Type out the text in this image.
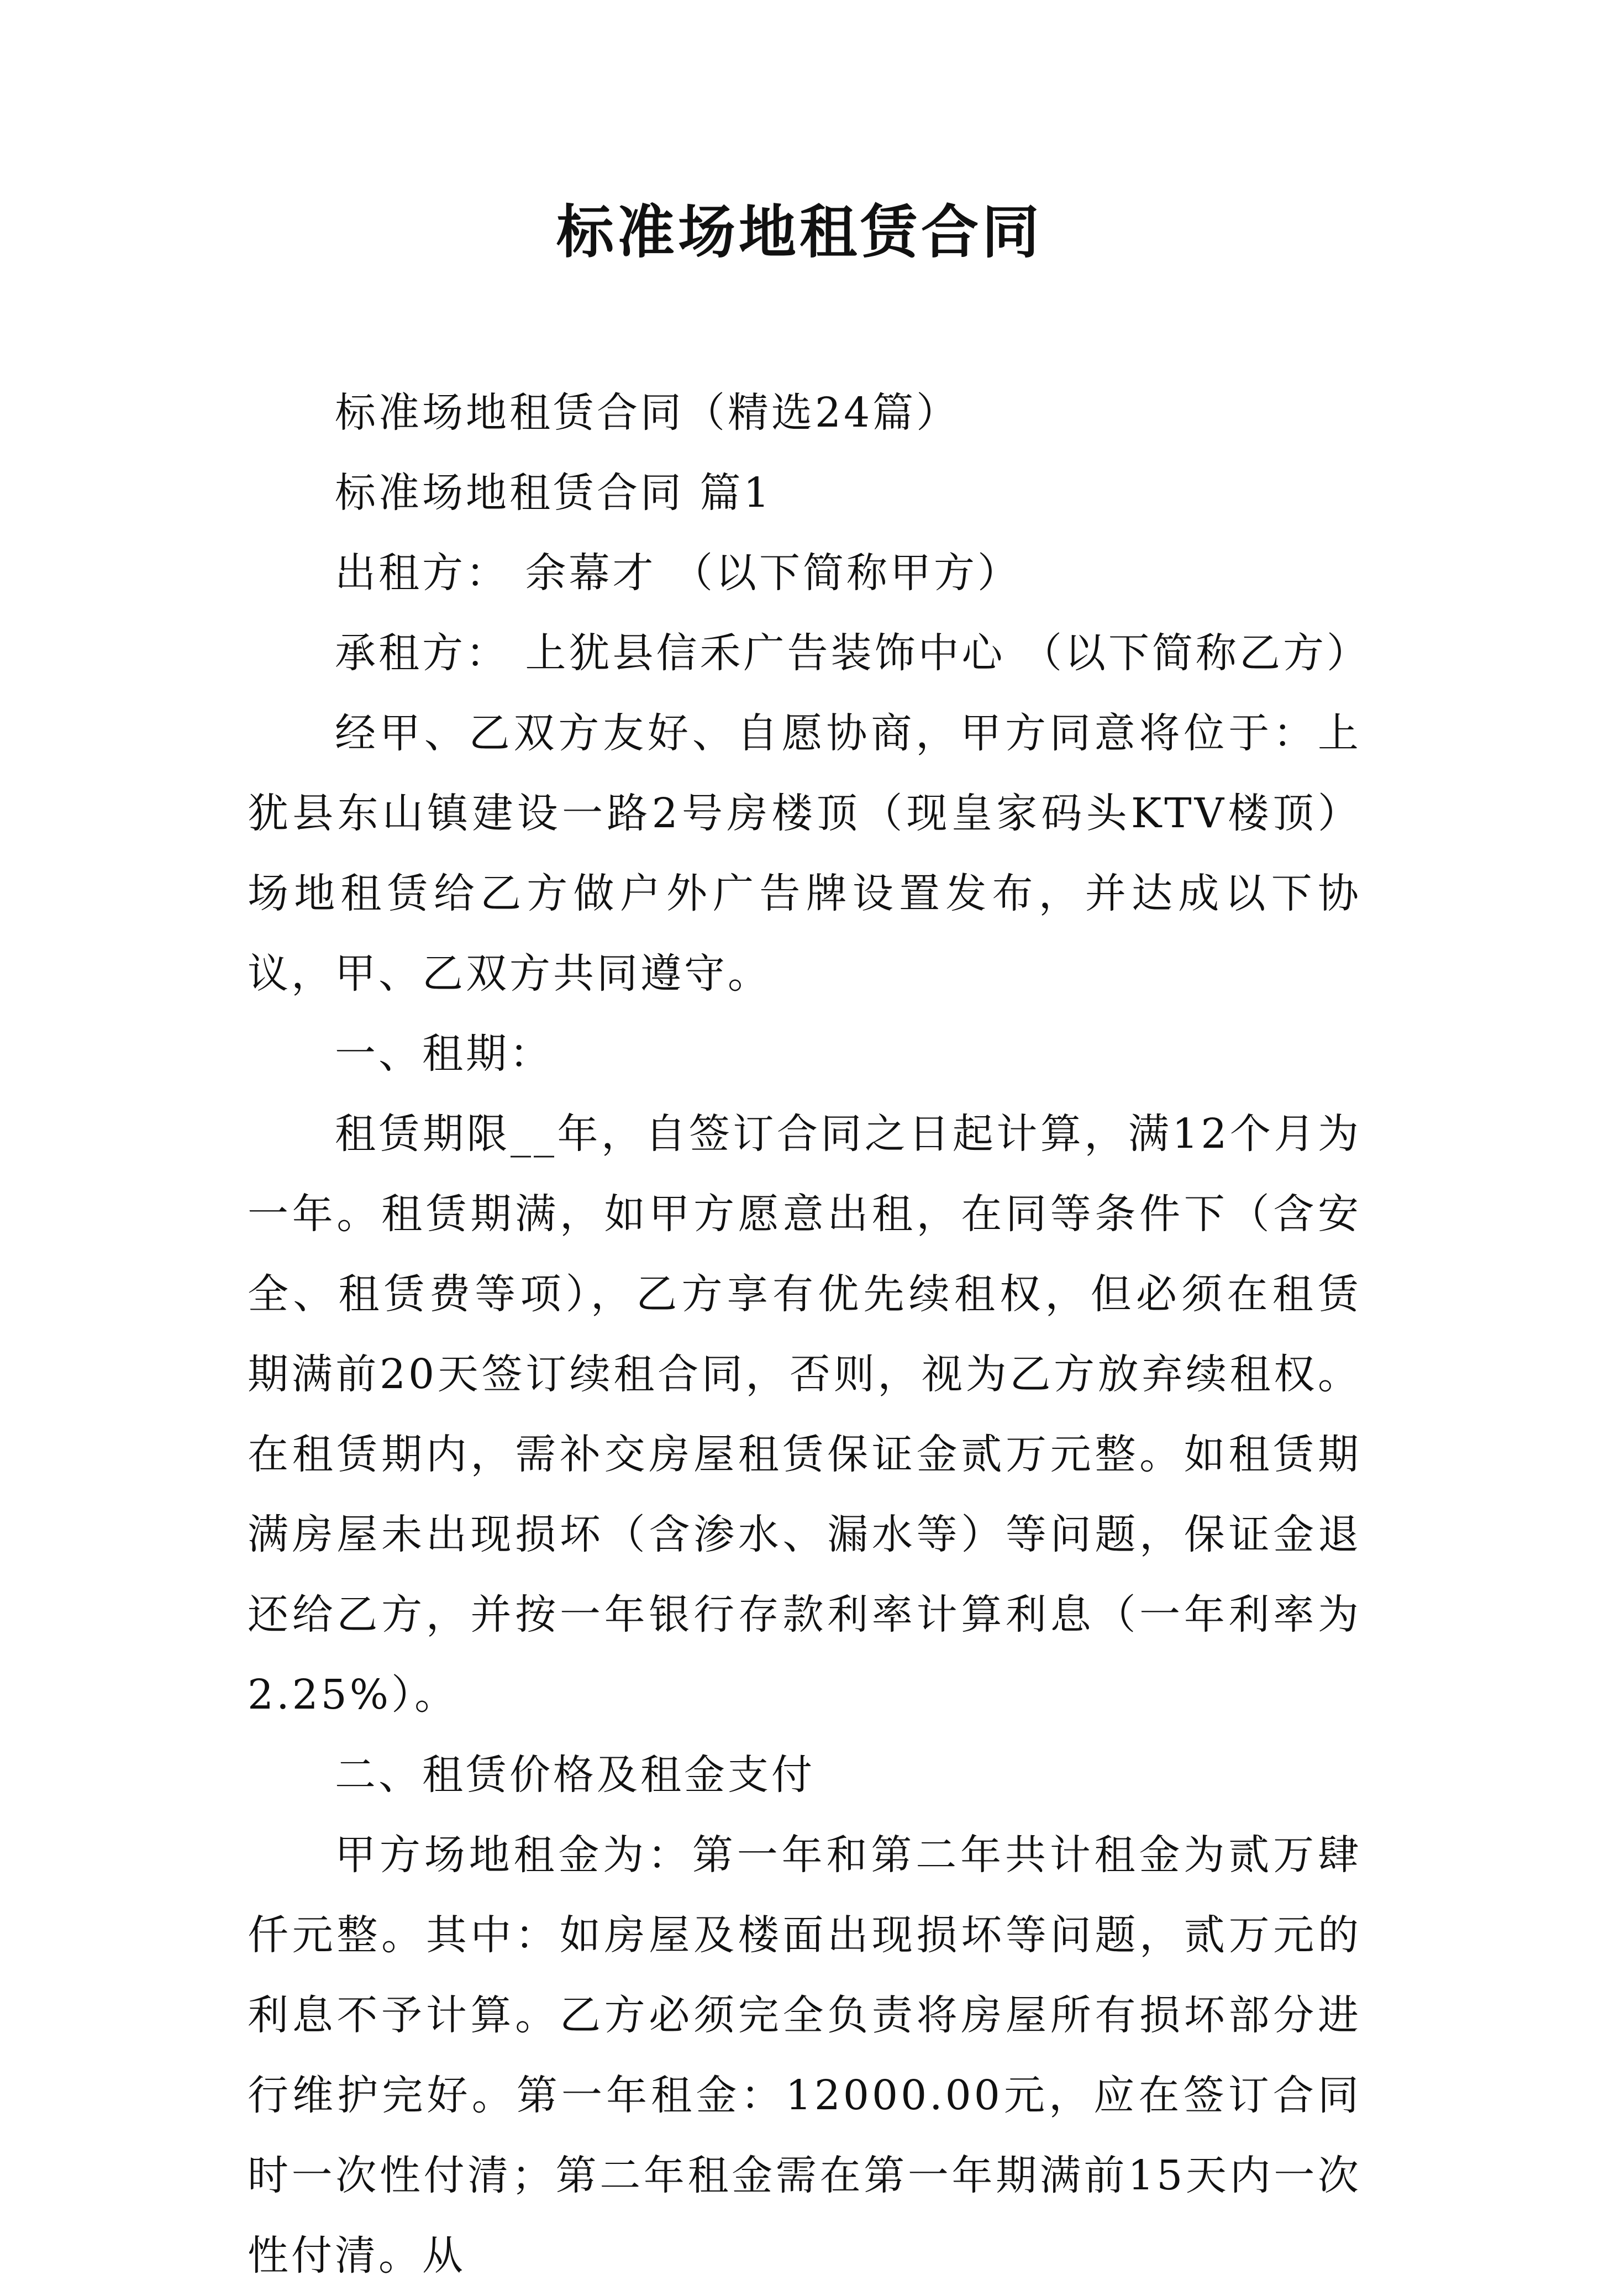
标准场地租赁合同

标准场地租赁合同（精选24篇）

标准场地租赁合同 篇1

出租方： 余幕才 （以下简称甲方）

承租方： 上犹县信禾广告装饰中心 （以下简称乙方）

经甲、乙双方友好、自愿协商，甲方同意将位于：上犹县东山镇建设一路2号房楼顶（现皇家码头KTV楼顶）场地租赁给乙方做户外广告牌设置发布，并达成以下协议，甲、乙双方共同遵守。

一、租期：

租赁期限__年，自签订合同之日起计算，满12个月为一年。租赁期满，如甲方愿意出租，在同等条件下（含安全、租赁费等项），乙方享有优先续租权，但必须在租赁期满前20天签订续租合同，否则，视为乙方放弃续租权。在租赁期内，需补交房屋租赁保证金贰万元整。如租赁期满房屋未出现损坏（含渗水、漏水等）等问题，保证金退还给乙方，并按一年银行存款利率计算利息（一年利率为2.25%）。

二、租赁价格及租金支付

甲方场地租金为：第一年和第二年共计租金为贰万肆仟元整。其中：如房屋及楼面出现损坏等问题，贰万元的利息不予计算。乙方必须完全负责将房屋所有损坏部分进行维护完好。第一年租金：12000.00元，应在签订合同时一次性付清；第二年租金需在第一年期满前15天内一次性付清。从
